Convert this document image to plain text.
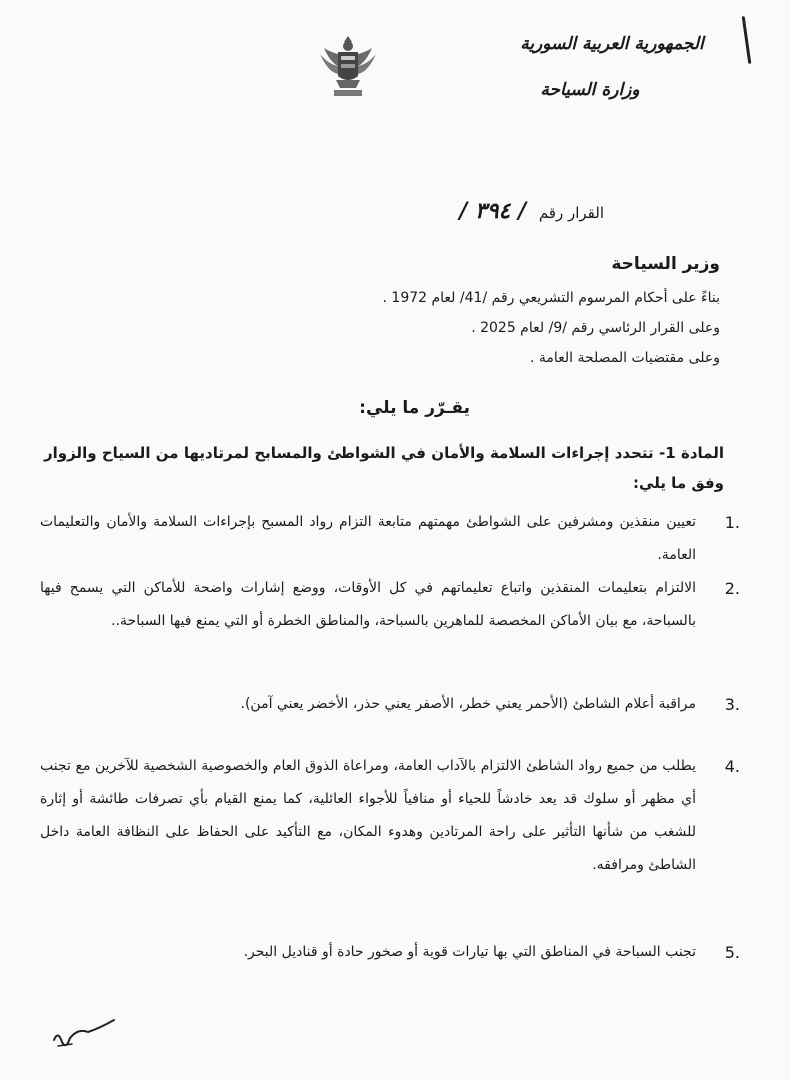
الجمهورية العربية السورية
وزارة السياحة
القرار رقم / ٣٩٤ /
وزير السياحة
بناءً على أحكام المرسوم التشريعي رقم /41/ لعام 1972 .
وعلى القرار الرئاسي رقم /9/ لعام 2025 .
وعلى مقتضيات المصلحة العامة .
يقـرّر ما يلي:
المادة 1- تتحدد إجراءات السلامة والأمان في الشواطئ والمسابح لمرتاديها من السياح والزوار وفق ما يلي:
.1
تعيين منقذين ومشرفين على الشواطئ مهمتهم متابعة التزام رواد المسبح بإجراءات السلامة والأمان والتعليمات العامة.
.2
الالتزام بتعليمات المنقذين واتباع تعليماتهم في كل الأوقات، ووضع إشارات واضحة للأماكن التي يسمح فيها بالسباحة، مع بيان الأماكن المخصصة للماهرين بالسباحة، والمناطق الخطرة أو التي يمنع فيها السباحة..
.3
مراقبة أعلام الشاطئ (الأحمر يعني خطر، الأصفر يعني حذر، الأخضر يعني آمن).
.4
يطلب من جميع رواد الشاطئ الالتزام بالآداب العامة، ومراعاة الذوق العام والخصوصية الشخصية للآخرين مع تجنب أي مظهر أو سلوك قد يعد خادشاً للحياء أو منافياً للأجواء العائلية، كما يمنع القيام بأي تصرفات طائشة أو إثارة للشغب من شأنها التأثير على راحة المرتادين وهدوء المكان، مع التأكيد على الحفاظ على النظافة العامة داخل الشاطئ ومرافقه.
.5
تجنب السباحة في المناطق التي بها تيارات قوية أو صخور حادة أو قناديل البحر.
